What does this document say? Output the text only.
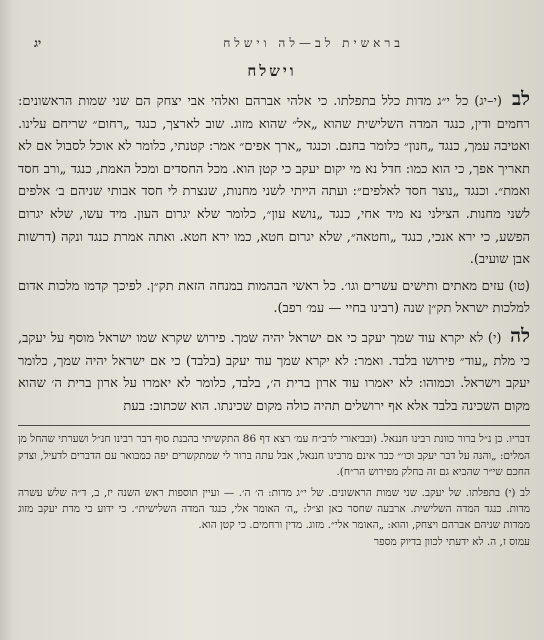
בראשית לב—לה וישלח
יג
וישלח

לב (י–יג) כל י״ג מדות כלל בתפלתו. כי אלהי אברהם ואלהי אבי יצחק הם שני שמות הראשונים: רחמים ודין, כנגד המדה השלישית שהוא „אל״ שהוא מזוג. שוב לארצך, כנגד „רחום״ שריחם עלינו. ואטיבה עמך, כנגד „חנון״ כלומר בחנם. וכנגד „ארך אפים״ אמר: קטנתי, כלומר לא אוכל לסבול אם לא תאריך אפך, כי הוא כמו: חדל נא מי יקום יעקב כי קטן הוא. מכל החסדים ומכל האמת, כנגד „ורב חסד ואמת״. וכנגד „נוצר חסד לאלפים״: ועתה הייתי לשני מחנות, שנצרת לי חסד אבותי שניהם ב׳ אלפים לשני מחנות. הצילני נא מיד אחי, כנגד „נושא עון״, כלומר שלא יגרום העון. מיד עשו, שלא יגרום הפשע, כי ירא אנכי, כנגד „וחטאה״, שלא יגרום חטא, כמו ירא חטא. ואתה אמרת כנגד ונקה (דרשות אבן שועיב).

(טו) עזים מאתים ותישים עשרים וגו׳. כל ראשי הבהמות במנחה הזאת תק״ן. לפיכך קדמו מלכות אדום למלכות ישראל תק״ן שנה (רבינו בחיי — עמ׳ רפב).

לה (י) לא יקרא עוד שמך יעקב כי אם ישראל יהיה שמך. פירוש שקרא שמו ישראל מוסף על יעקב, כי מלת „עוד״ פירושו בלבד. ואמר: לא יקרא שמך עוד יעקב (בלבד) כי אם ישראל יהיה שמך, כלומר יעקב וישראל. וכמוהו: לא יאמרו עוד ארון ברית ה׳, בלבד, כלומר לא יאמרו על ארון ברית ה׳ שהוא מקום השכינה בלבד אלא אף ירושלים תהיה כולה מקום שכינתו. הוא שכתוב: בעת

דבריו. כן נ״ל ברור כוונת רבינו חננאל. (ובביאורי לרב״ח עמ׳ רצא דף 86 התקשיתי בהבנת סוף דבר רבינו חנ״ל ושערתי שהחל מן המלים: „והנה על דבר יעקב וכו׳״ כבר אינם מרבינו חננאל, אבל עתה ברור לי שמתקשרים יפה כמבואר עם הדברים לדעיל, וצדק החכם שי״ר שהביא גם זה בחלק מפירוש הר״ח).

לב (י) בתפלתו. של יעקב. שני שמות הראשונים. של י״ג מדות: ה׳ ה׳. — ועיין תוספות ראש השנה יז, ב, ד״ה שלש עשרה מדות. כנגד המדה השלישית. ארבעה שחסר כאן וצ״ל: „ה׳ האומר אלי, כנגד המדה השלישית״. כי ידוע כי מדת יעקב מזוג ממדות שניהם אברהם ויצחק, והוא: „האומר אלי״. מזוג. מדין ורחמים. כי קטן הוא.

עמוס ז, ה. לא ידעתי לכוון בדיוק מספר
